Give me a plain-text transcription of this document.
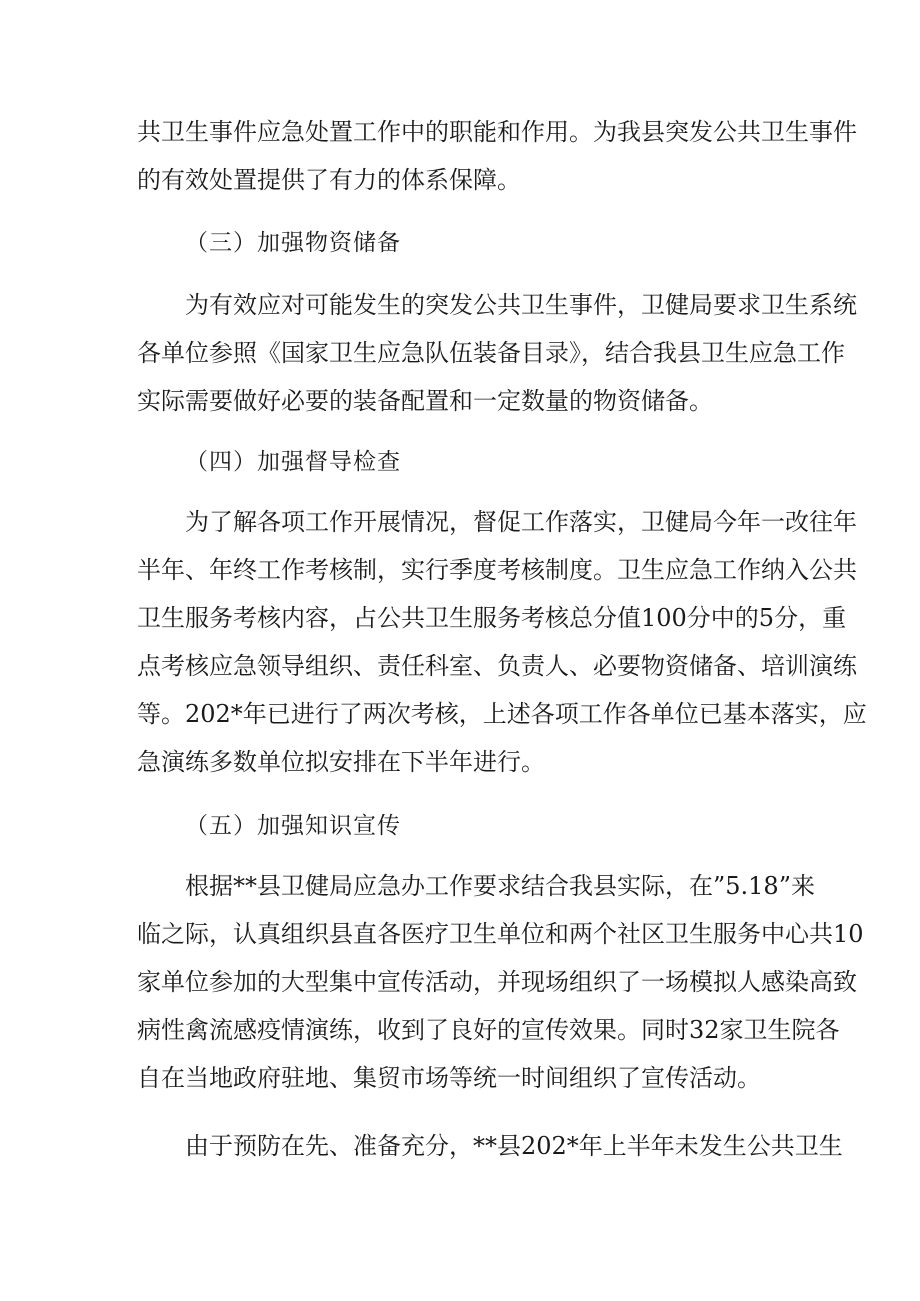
共卫生事件应急处置工作中的职能和作用。为我县突发公共卫生事件
的有效处置提供了有力的体系保障。
（三）加强物资储备
为有效应对可能发生的突发公共卫生事件，卫健局要求卫生系统
各单位参照《国家卫生应急队伍装备目录》，结合我县卫生应急工作
实际需要做好必要的装备配置和一定数量的物资储备。
（四）加强督导检查
为了解各项工作开展情况，督促工作落实，卫健局今年一改往年
半年、年终工作考核制，实行季度考核制度。卫生应急工作纳入公共
卫生服务考核内容，占公共卫生服务考核总分值100分中的5分，重
点考核应急领导组织、责任科室、负责人、必要物资储备、培训演练
等。202*年已进行了两次考核，上述各项工作各单位已基本落实，应
急演练多数单位拟安排在下半年进行。
（五）加强知识宣传
根据**县卫健局应急办工作要求结合我县实际，在”5.18”来
临之际，认真组织县直各医疗卫生单位和两个社区卫生服务中心共10
家单位参加的大型集中宣传活动，并现场组织了一场模拟人感染高致
病性禽流感疫情演练，收到了良好的宣传效果。同时32家卫生院各
自在当地政府驻地、集贸市场等统一时间组织了宣传活动。
由于预防在先、准备充分，**县202*年上半年未发生公共卫生
